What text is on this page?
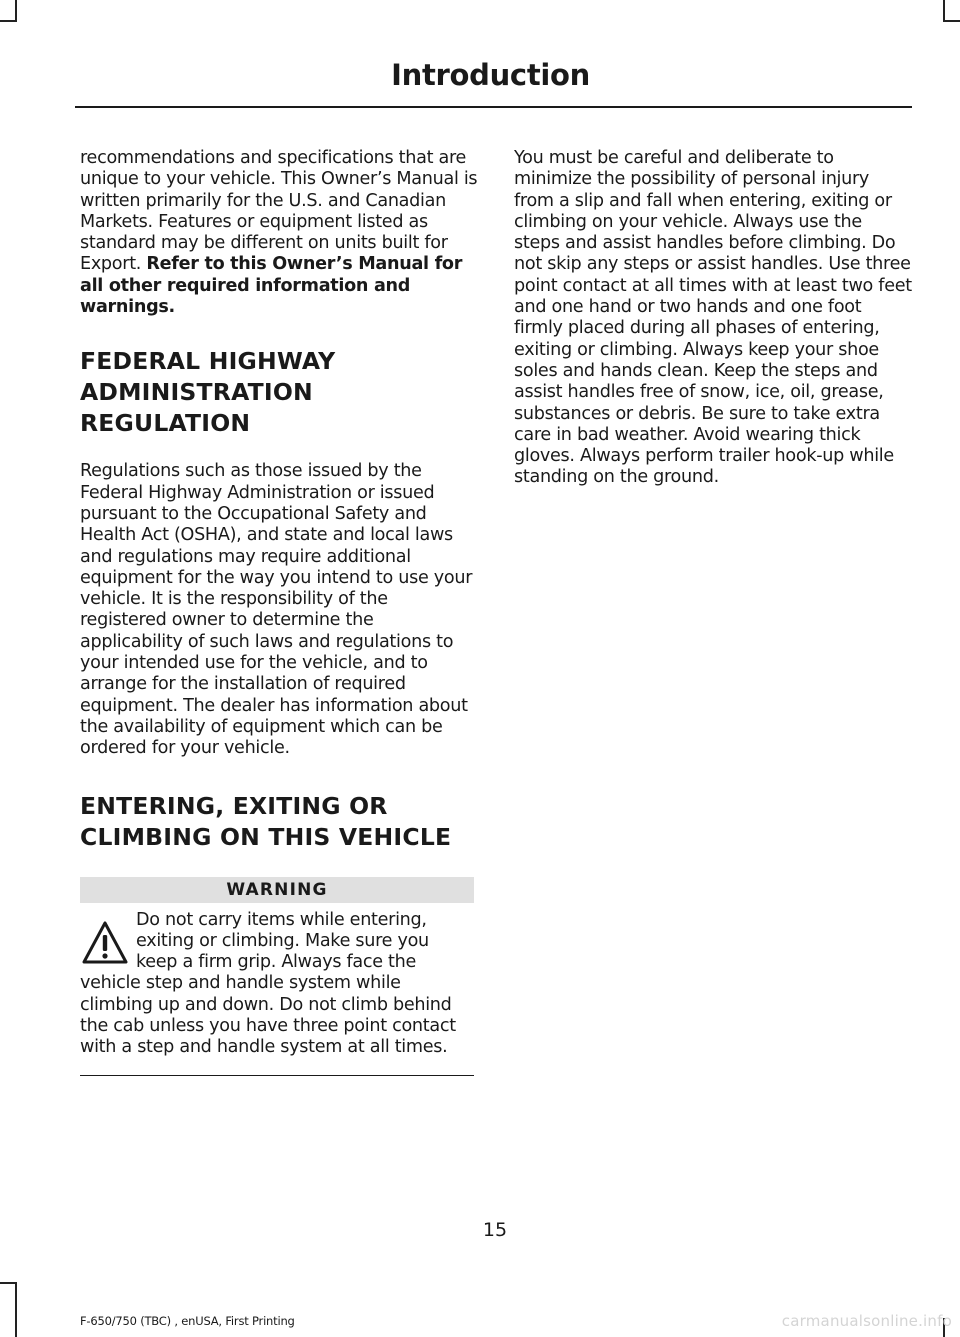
Introduction

recommendations and specifications that are unique to your vehicle. This Owner’s Manual is written primarily for the U.S. and Canadian Markets. Features or equipment listed as standard may be different on units built for Export. Refer to this Owner’s Manual for all other required information and warnings.

FEDERAL HIGHWAY ADMINISTRATION REGULATION

Regulations such as those issued by the Federal Highway Administration or issued pursuant to the Occupational Safety and Health Act (OSHA), and state and local laws and regulations may require additional equipment for the way you intend to use your vehicle. It is the responsibility of the registered owner to determine the applicability of such laws and regulations to your intended use for the vehicle, and to arrange for the installation of required equipment. The dealer has information about the availability of equipment which can be ordered for your vehicle.

ENTERING, EXITING OR CLIMBING ON THIS VEHICLE
WARNING
Do not carry items while entering, exiting or climbing. Make sure you keep a firm grip. Always face the vehicle step and handle system while climbing up and down. Do not climb behind the cab unless you have three point contact with a step and handle system at all times.

You must be careful and deliberate to minimize the possibility of personal injury from a slip and fall when entering, exiting or climbing on your vehicle. Always use the steps and assist handles before climbing. Do not skip any steps or assist handles. Use three point contact at all times with at least two feet and one hand or two hands and one foot firmly placed during all phases of entering, exiting or climbing. Always keep your shoe soles and hands clean. Keep the steps and assist handles free of snow, ice, oil, grease, substances or debris. Be sure to take extra care in bad weather. Avoid wearing thick gloves. Always perform trailer hook-up while standing on the ground.

15
F-650/750 (TBC) , enUSA, First Printing	carmanualsonline.info
